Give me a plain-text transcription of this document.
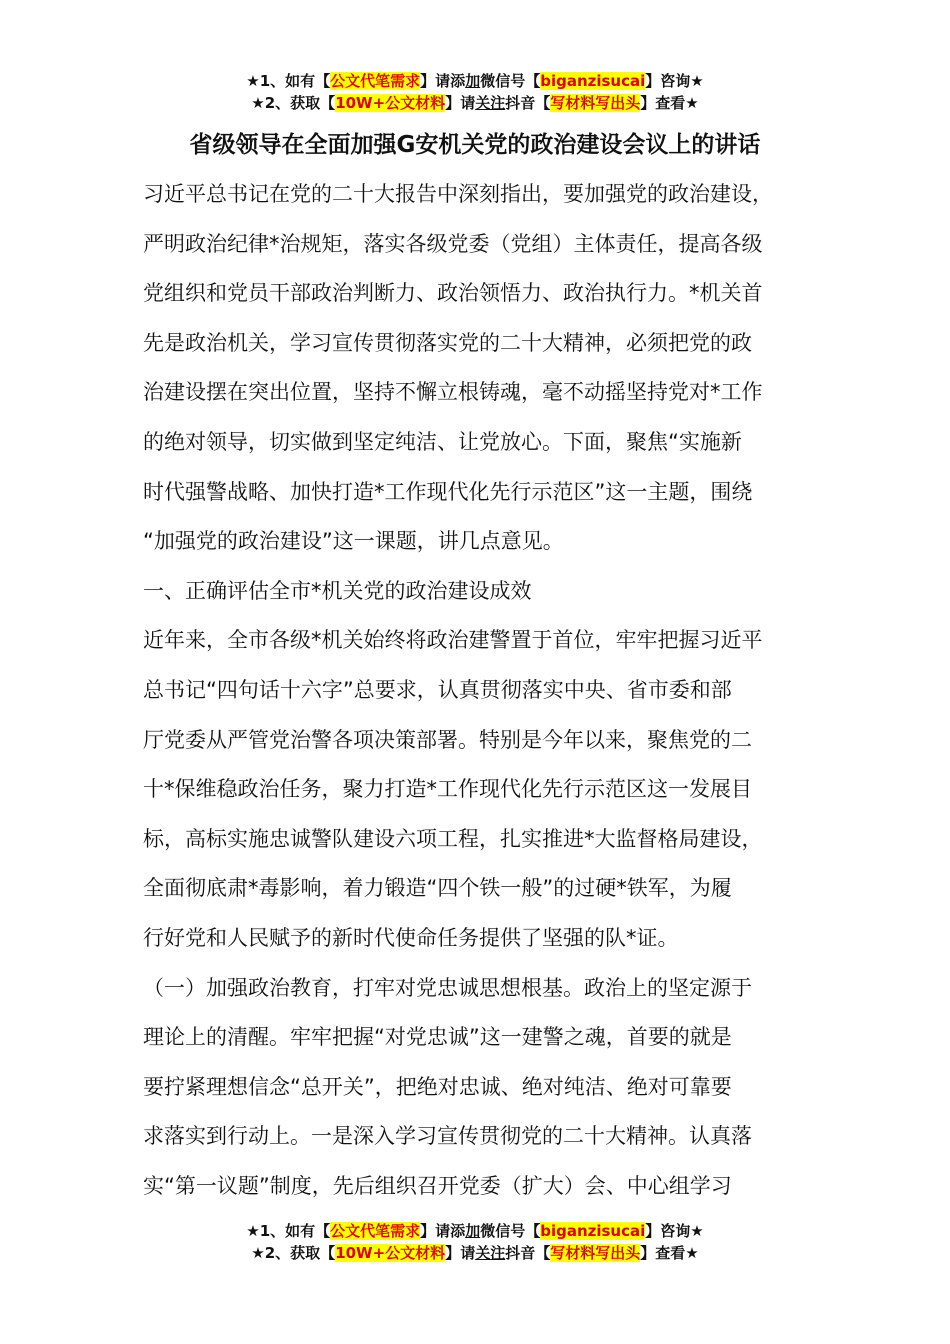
★1、如有【公文代笔需求】请添加微信号【biganzisucai】咨询★
★2、获取【10W+公文材料】请关注抖音【写材料写出头】查看★
省级领导在全面加强G安机关党的政治建设会议上的讲话

习近平总书记在党的二十大报告中深刻指出，要加强党的政治建设，

严明政治纪律*治规矩，落实各级党委（党组）主体责任，提高各级

党组织和党员干部政治判断力、政治领悟力、政治执行力。*机关首

先是政治机关，学习宣传贯彻落实党的二十大精神，必须把党的政

治建设摆在突出位置，坚持不懈立根铸魂，毫不动摇坚持党对*工作

的绝对领导，切实做到坚定纯洁、让党放心。下面，聚焦“实施新

时代强警战略、加快打造*工作现代化先行示范区”这一主题，围绕

“加强党的政治建设”这一课题，讲几点意见。

一、正确评估全市*机关党的政治建设成效

近年来，全市各级*机关始终将政治建警置于首位，牢牢把握习近平

总书记“四句话十六字”总要求，认真贯彻落实中央、省市委和部

厅党委从严管党治警各项决策部署。特别是今年以来，聚焦党的二

十*保维稳政治任务，聚力打造*工作现代化先行示范区这一发展目

标，高标实施忠诚警队建设六项工程，扎实推进*大监督格局建设，

全面彻底肃*毒影响，着力锻造“四个铁一般”的过硬*铁军，为履

行好党和人民赋予的新时代使命任务提供了坚强的队*证。

（一）加强政治教育，打牢对党忠诚思想根基。政治上的坚定源于

理论上的清醒。牢牢把握“对党忠诚”这一建警之魂，首要的就是

要拧紧理想信念“总开关”，把绝对忠诚、绝对纯洁、绝对可靠要

求落实到行动上。一是深入学习宣传贯彻党的二十大精神。认真落

实“第一议题”制度，先后组织召开党委（扩大）会、中心组学习

★1、如有【公文代笔需求】请添加微信号【biganzisucai】咨询★
★2、获取【10W+公文材料】请关注抖音【写材料写出头】查看★
